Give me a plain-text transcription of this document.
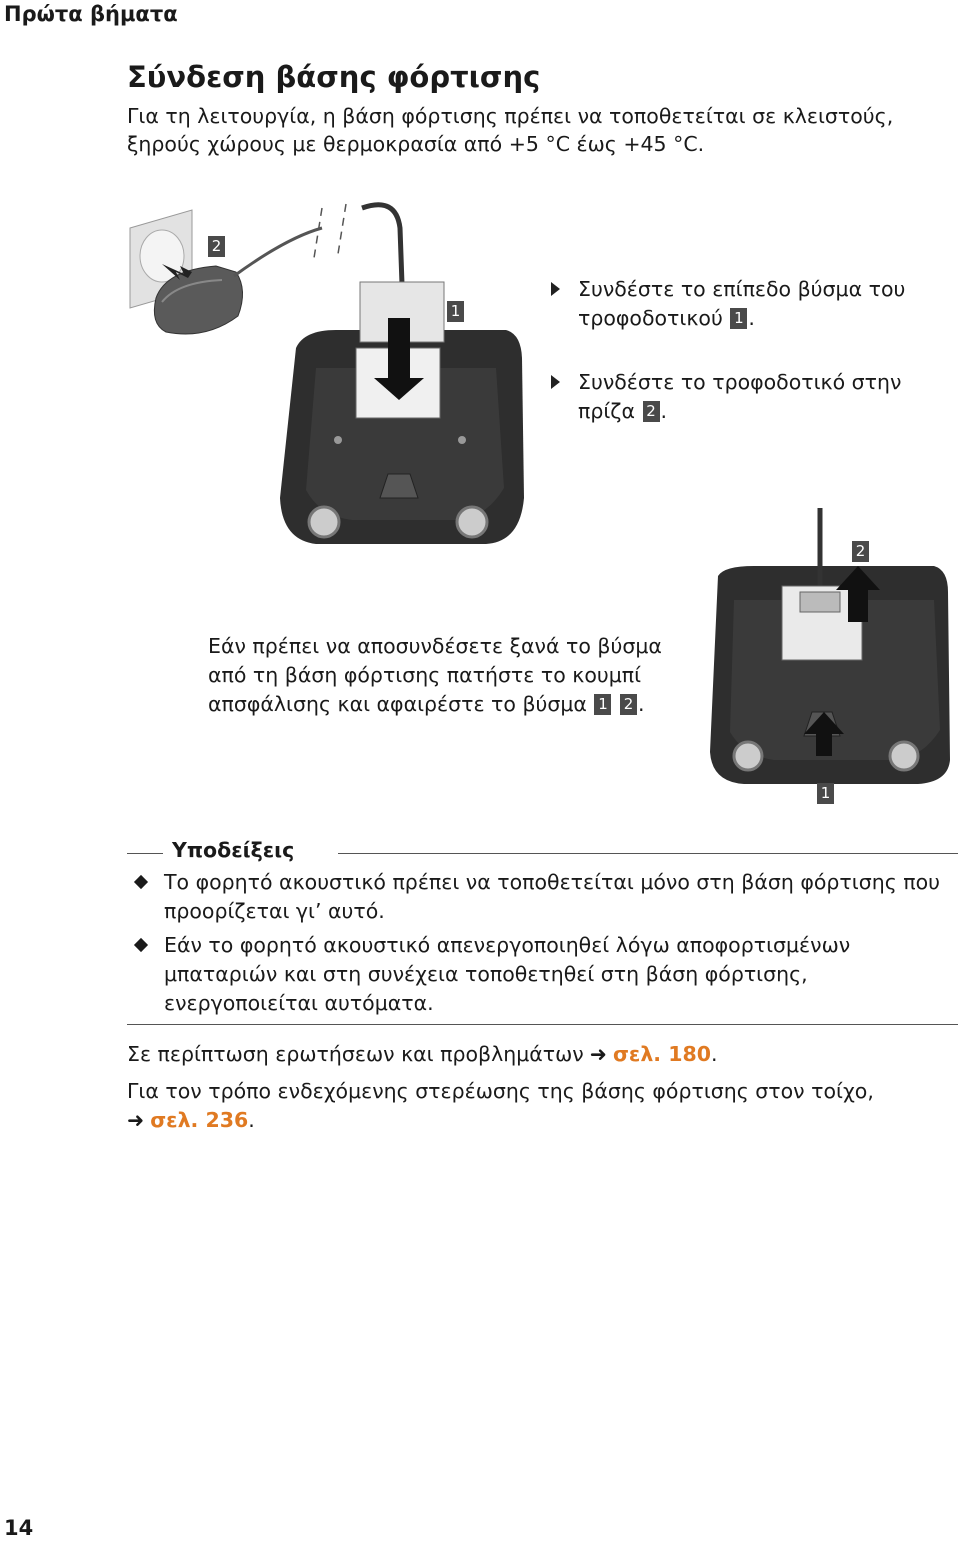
Πρώτα βήματα
Σύνδεση βάσης φόρτισης
Για τη λειτουργία, η βάση φόρτισης πρέπει να τοποθετείται σε κλειστούς, ξηρούς χώρους με θερμοκρασία από +5 °C έως +45 °C.
2
1
Συνδέστε το επίπεδο βύσμα του τροφοδοτικού 1 .
Συνδέστε το τροφοδοτικό στην πρίζα 2 .
2
1
Εάν πρέπει να αποσυνδέσετε ξανά το βύσμα από τη βάση φόρτισης πατήστε το κουμπί απσφάλισης και αφαιρέστε το βύσμα 1 2 .
Υποδείξεις
Το φορητό ακουστικό πρέπει να τοποθετείται μόνο στη βάση φόρτισης που προορίζεται γι’ αυτό.
Εάν το φορητό ακουστικό απενεργοποιηθεί λόγω αποφορτισμένων μπαταριών και στη συνέχεια τοποθετηθεί στη βάση φόρτισης, ενεργοποιείται αυτόματα.
Σε περίπτωση ερωτήσεων και προβλημάτων ➜ σελ. 180.
Για τον τρόπο ενδεχόμενης στερέωσης της βάσης φόρτισης στον τοίχο,
➜ σελ. 236.
14
